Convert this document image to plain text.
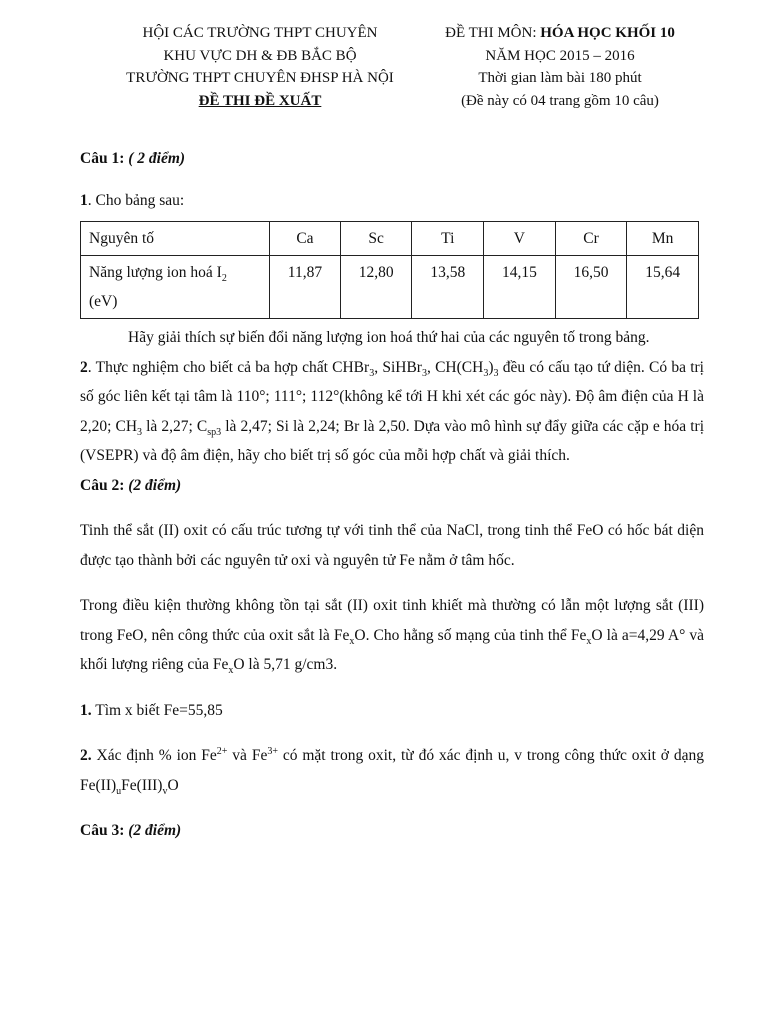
HỘI CÁC TRƯỜNG THPT CHUYÊN
KHU VỰC DH & ĐB BẮC BỘ
TRƯỜNG THPT CHUYÊN ĐHSP HÀ NỘI
ĐỀ THI ĐỀ XUẤT
ĐỀ THI MÔN: HÓA HỌC KHỐI 10
NĂM HỌC 2015 – 2016
Thời gian làm bài 180 phút
(Đề này có 04 trang gồm 10 câu)

Câu 1: ( 2 điểm)

1. Cho bảng sau:

Nguyên tố	Ca	Sc	Ti	V	Cr	Mn
Năng lượng ion hoá $I_2$
(eV)	11,87	12,80	13,58	14,15	16,50	15,64

Hãy giải thích sự biến đổi năng lượng ion hoá thứ hai của các nguyên tố trong bảng.

2. Thực nghiệm cho biết cả ba hợp chất CHBr$_3$, SiHBr$_3$, $CH(CH_3)_3$ đều có cấu tạo tứ diện. Có ba trị số góc liên kết tại tâm là 110°; 111°; 112°(không kể tới H khi xét các góc này). Độ âm điện của H là 2,20; $CH_3$ là 2,27; $C_{sp3}$ là 2,47; Si là 2,24; Br là 2,50. Dựa vào mô hình sự đẩy giữa các cặp e hóa trị (VSEPR) và độ âm điện, hãy cho biết trị số góc của mỗi hợp chất và giải thích.

Câu 2: (2 điểm)

Tinh thể sắt (II) oxit có cấu trúc tương tự với tinh thể của NaCl, trong tinh thể FeO có hốc bát diện được tạo thành bởi các nguyên tử oxi và nguyên tử Fe nằm ở tâm hốc.

Trong điều kiện thường không tồn tại sắt (II) oxit tinh khiết mà thường có lẫn một lượng sắt (III) trong FeO, nên công thức của oxit sắt là $Fe_xO$. Cho hằng số mạng của tinh thể $Fe_xO$ là a=4,29 A° và khối lượng riêng của $Fe_xO$ là 5,71 g/cm3.

1. Tìm x biết Fe=55,85

2. Xác định % ion $Fe^{2+}$ và $Fe^{3+}$ có mặt trong oxit, từ đó xác định u, v trong công thức oxit ở dạng $Fe(II)_uFe(III)_vO$

Câu 3: (2 điểm)
